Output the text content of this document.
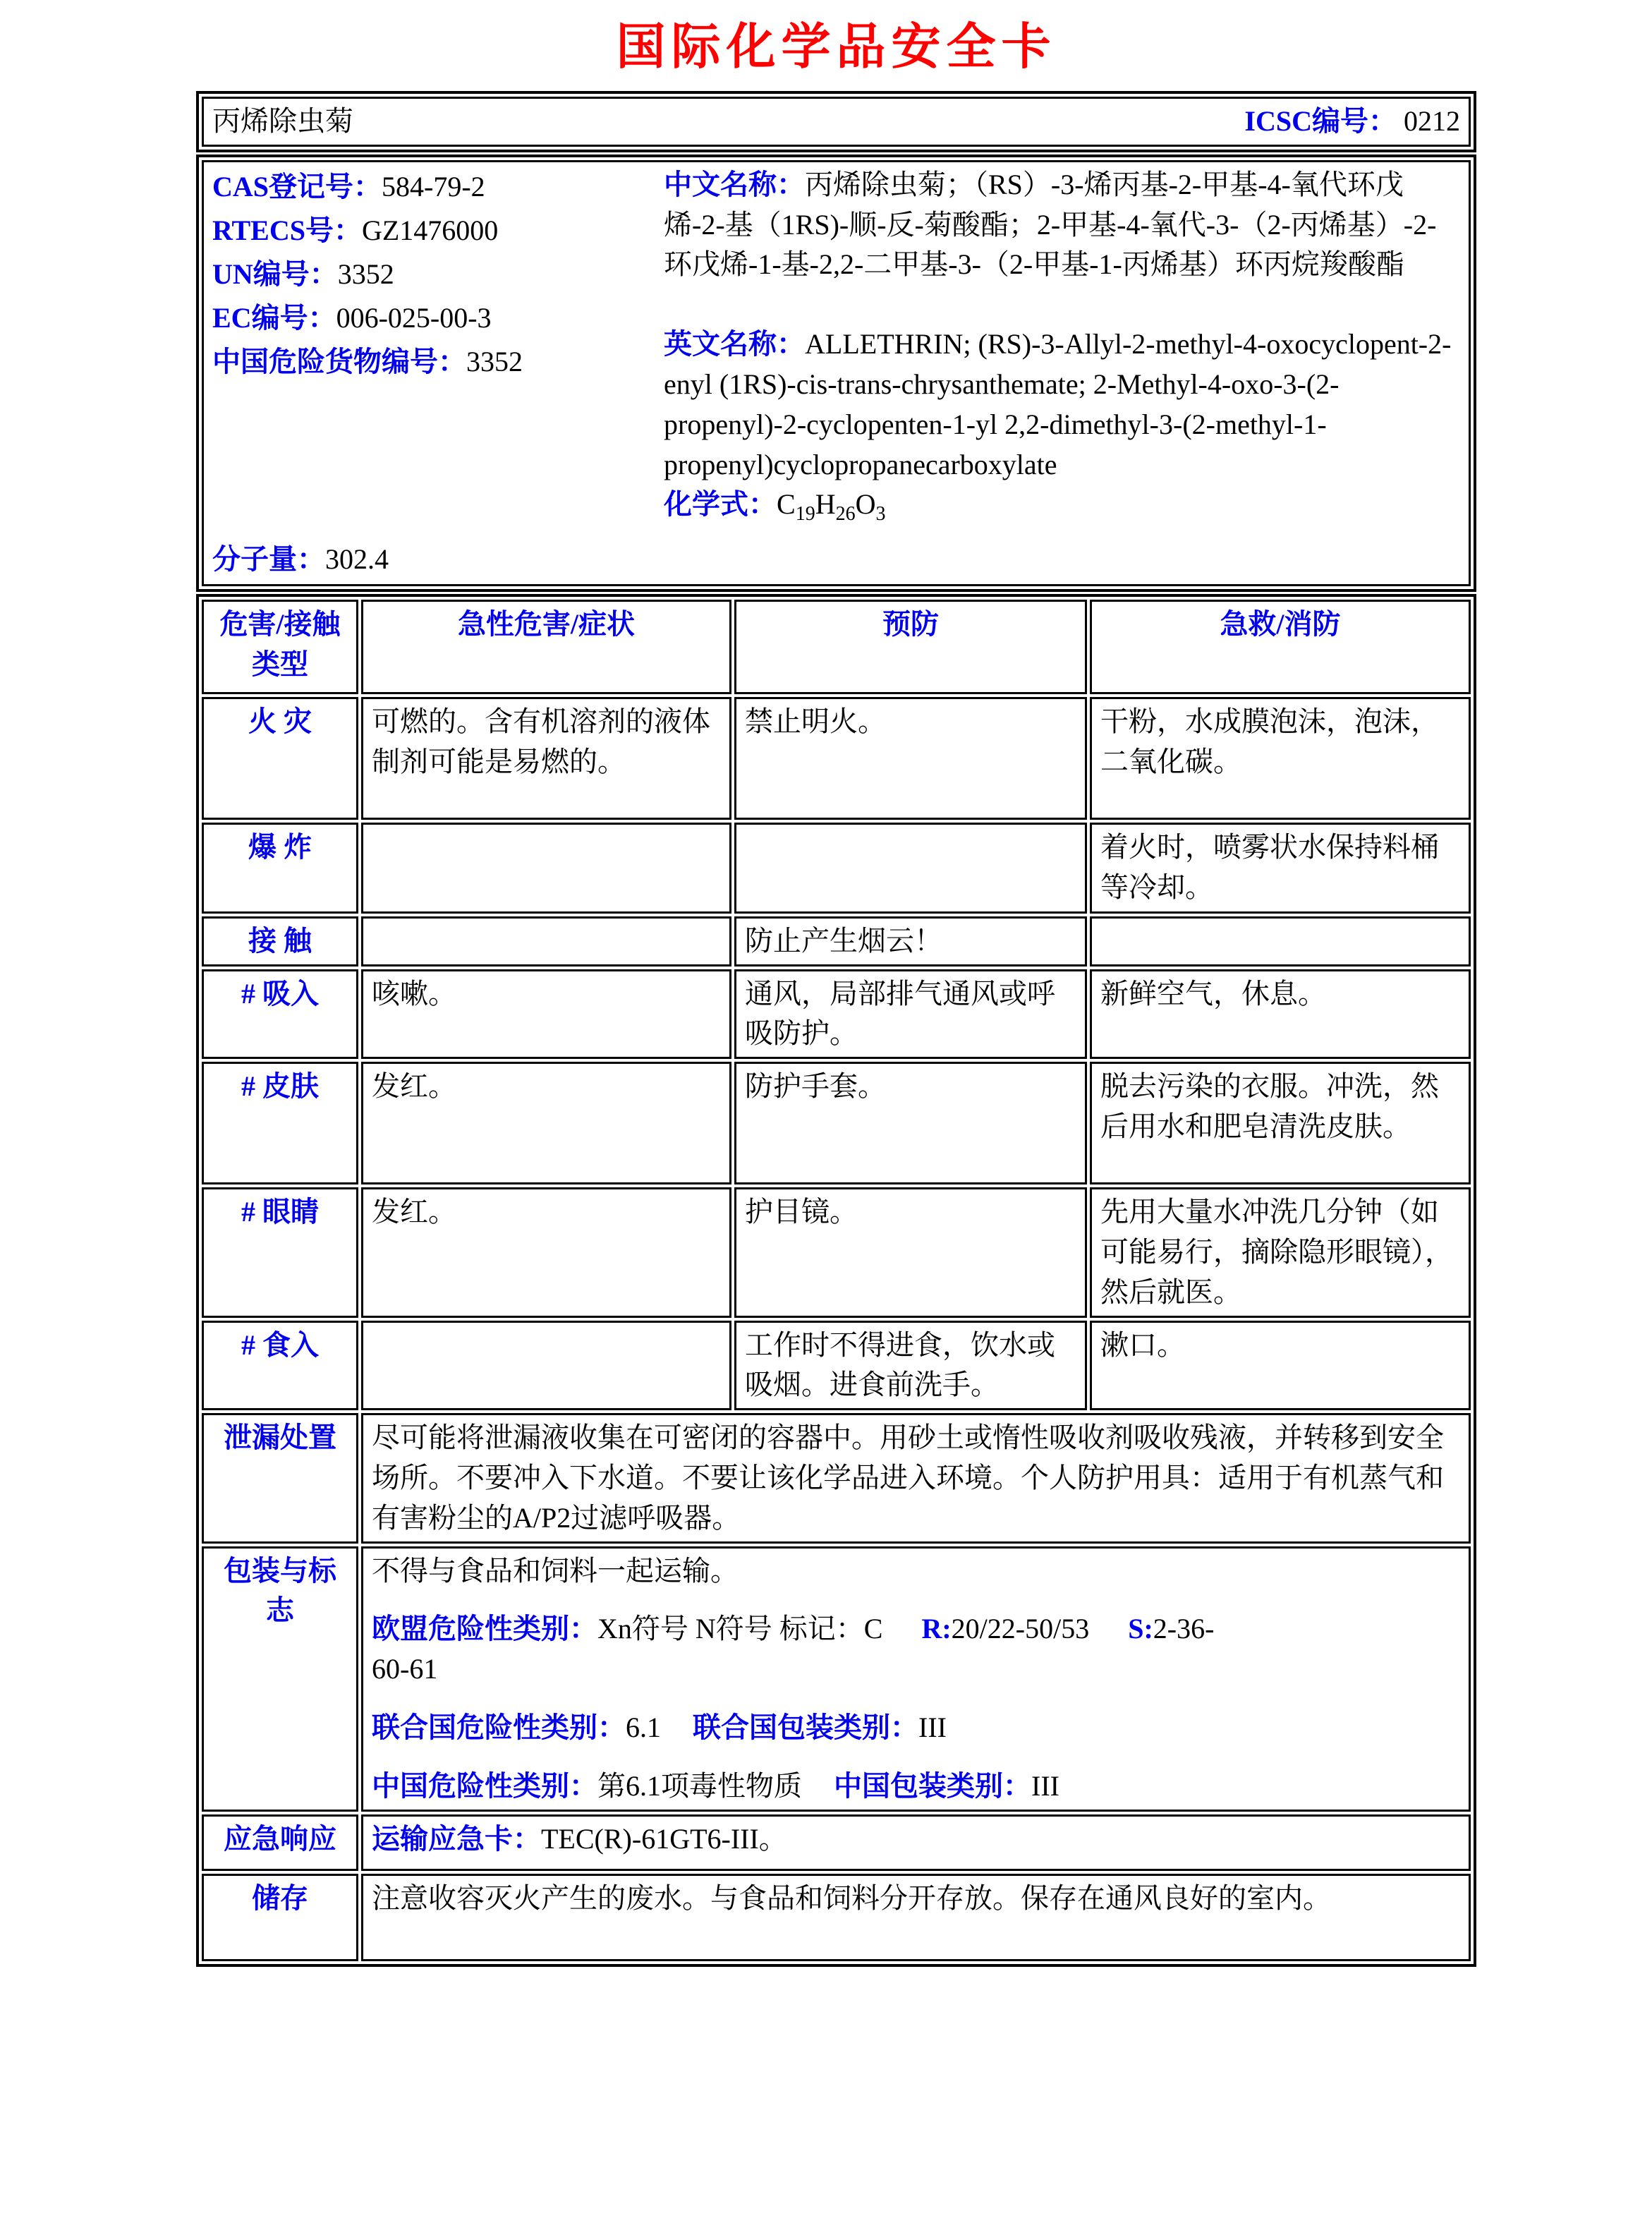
国际化学品安全卡
丙烯除虫菊	ICSC编号： 0212
CAS登记号：584-79-2
RTECS号：GZ1476000
UN编号：3352
EC编号：006-025-00-3
中国危险货物编号：3352
分子量：302.4

中文名称：丙烯除虫菊；（RS）-3-烯丙基-2-甲基-4-氧代环戊烯-2-基（1RS)-顺-反-菊酸酯；2-甲基-4-氧代-3-（2-丙烯基）-2-环戊烯-1-基-2,2-二甲基-3-（2-甲基-1-丙烯基）环丙烷羧酸酯

英文名称：ALLETHRIN; (RS)-3-Allyl-2-methyl-4-oxocyclopent-2-enyl (1RS)-cis-trans-chrysanthemate; 2-Methyl-4-oxo-3-(2-propenyl)-2-cyclopenten-1-yl 2,2-dimethyl-3-(2-methyl-1-propenyl)cyclopropanecarboxylate

化学式：$C_{19}H_{26}O_3$

危害/接触
类型	急性危害/症状	预防	急救/消防
火 灾	可燃的。含有机溶剂的液体制剂可能是易燃的。	禁止明火。	干粉，水成膜泡沫，泡沫，二氧化碳。
爆 炸			着火时，喷雾状水保持料桶等冷却。
接 触		防止产生烟云！	
# 吸入	咳嗽。	通风，局部排气通风或呼吸防护。	新鲜空气，休息。
# 皮肤	发红。	防护手套。	脱去污染的衣服。冲洗，然后用水和肥皂清洗皮肤。
# 眼睛	发红。	护目镜。	先用大量水冲洗几分钟（如可能易行，摘除隐形眼镜），然后就医。
# 食入		工作时不得进食，饮水或吸烟。进食前洗手。	漱口。
泄漏处置	尽可能将泄漏液收集在可密闭的容器中。用砂土或惰性吸收剂吸收残液，并转移到安全场所。不要冲入下水道。不要让该化学品进入环境。个人防护用具：适用于有机蒸气和有害粉尘的A/P2过滤呼吸器。		
包装与标志	不得与食品和饲料一起运输。

欧盟危险性类别：Xn符号 N符号 标记：C R:20/22-50/53 S:2-36-
60-61

联合国危险性类别：6.1 联合国包装类别：III

中国危险性类别：第6.1项毒性物质 中国包装类别：III		

应急响应	运输应急卡：TEC(R)-61GT6-III。		
储存	注意收容灭火产生的废水。与食品和饲料分开存放。保存在通风良好的室内。		
